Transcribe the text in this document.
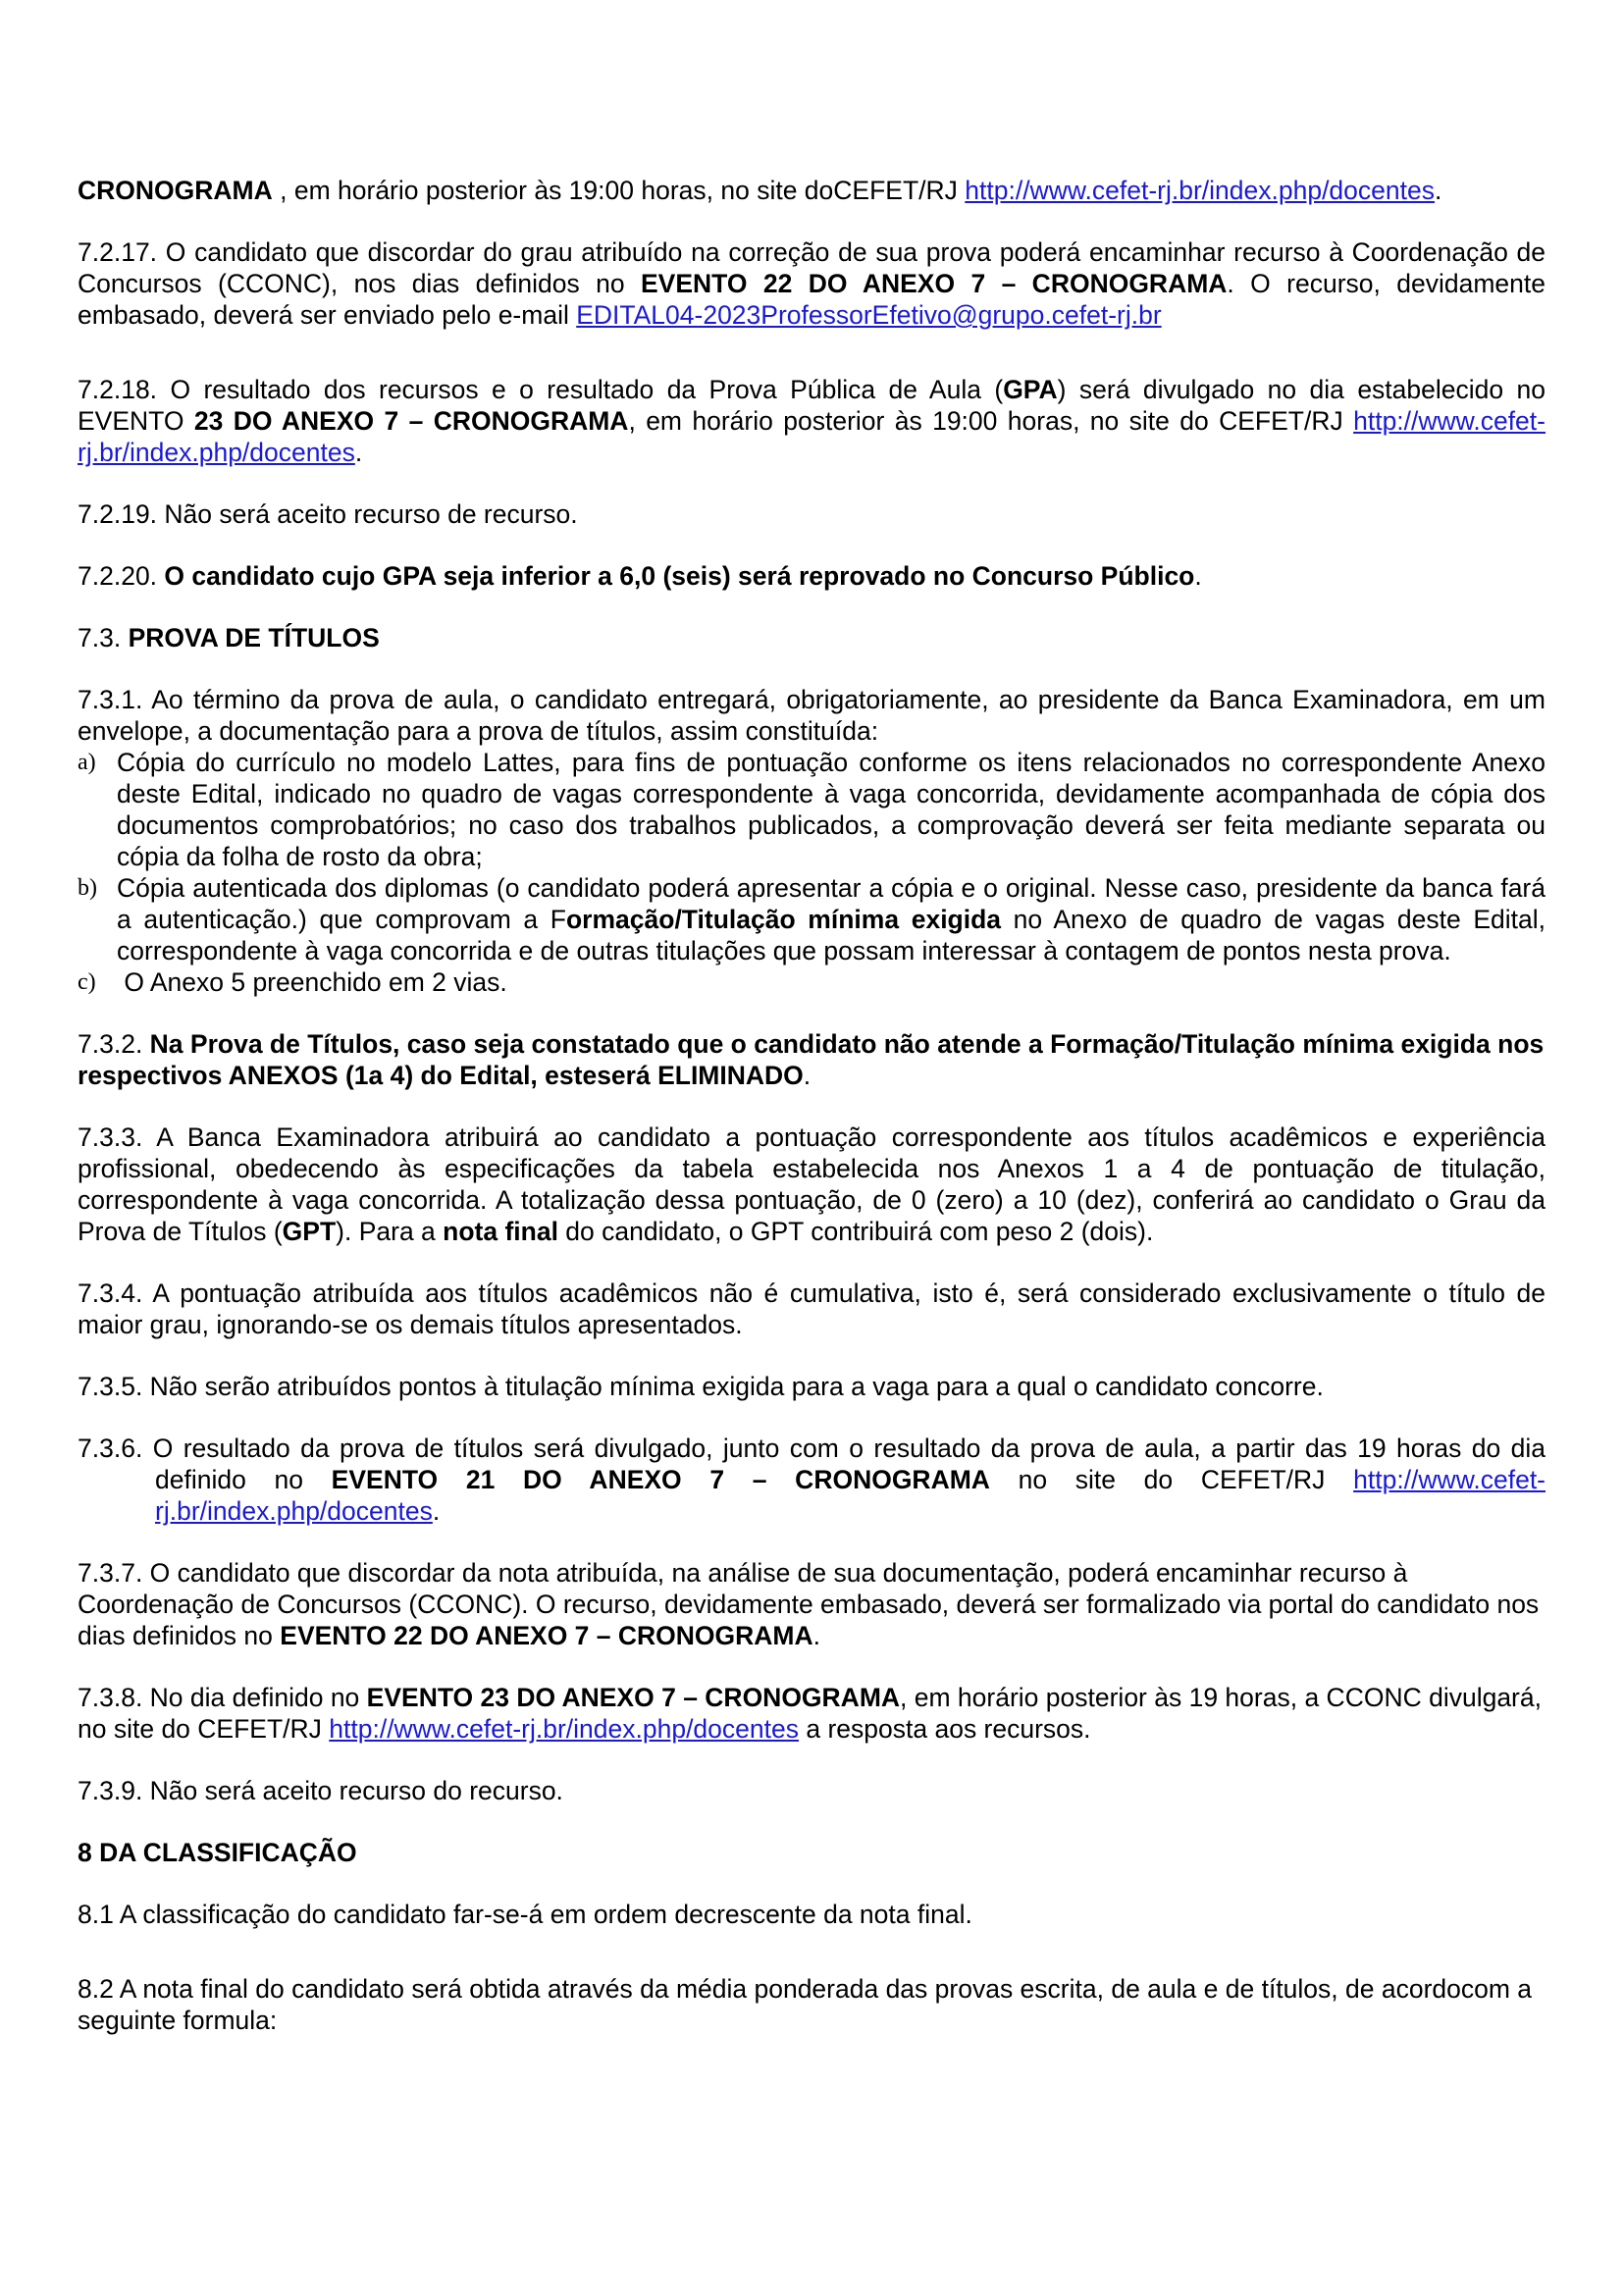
CRONOGRAMA , em horário posterior às 19:00 horas, no site doCEFET/RJ http://www.cefet-rj.br/index.php/docentes.

7.2.17. O candidato que discordar do grau atribuído na correção de sua prova poderá encaminhar recurso à Coordenação de Concursos (CCONC), nos dias definidos no EVENTO 22 DO ANEXO 7 – CRONOGRAMA. O recurso, devidamente embasado, deverá ser enviado pelo e-mail EDITAL04-2023ProfessorEfetivo@grupo.cefet-rj.br

7.2.18. O resultado dos recursos e o resultado da Prova Pública de Aula (GPA) será divulgado no dia estabelecido no EVENTO 23 DO ANEXO 7 – CRONOGRAMA, em horário posterior às 19:00 horas, no site do CEFET/RJ http://www.cefet-rj.br/index.php/docentes.

7.2.19. Não será aceito recurso de recurso.

7.2.20. O candidato cujo GPA seja inferior a 6,0 (seis) será reprovado no Concurso Público.

7.3. PROVA DE TÍTULOS

7.3.1. Ao término da prova de aula, o candidato entregará, obrigatoriamente, ao presidente da Banca Examinadora, em um envelope, a documentação para a prova de títulos, assim constituída:

a) Cópia do currículo no modelo Lattes, para fins de pontuação conforme os itens relacionados no correspondente Anexo deste Edital, indicado no quadro de vagas correspondente à vaga concorrida, devidamente acompanhada de cópia dos documentos comprobatórios; no caso dos trabalhos publicados, a comprovação deverá ser feita mediante separata ou cópia da folha de rosto da obra;
b) Cópia autenticada dos diplomas (o candidato poderá apresentar a cópia e o original. Nesse caso, presidente da banca fará a autenticação.) que comprovam a Formação/Titulação mínima exigida no Anexo de quadro de vagas deste Edital, correspondente à vaga concorrida e de outras titulações que possam interessar à contagem de pontos nesta prova.
c) O Anexo 5 preenchido em 2 vias.

7.3.2. Na Prova de Títulos, caso seja constatado que o candidato não atende a Formação/Titulação mínima exigida nos respectivos ANEXOS (1a 4) do Edital, esteserá ELIMINADO.

7.3.3. A Banca Examinadora atribuirá ao candidato a pontuação correspondente aos títulos acadêmicos e experiência profissional, obedecendo às especificações da tabela estabelecida nos Anexos 1 a 4 de pontuação de titulação, correspondente à vaga concorrida. A totalização dessa pontuação, de 0 (zero) a 10 (dez), conferirá ao candidato o Grau da Prova de Títulos (GPT). Para a nota final do candidato, o GPT contribuirá com peso 2 (dois).

7.3.4. A pontuação atribuída aos títulos acadêmicos não é cumulativa, isto é, será considerado exclusivamente o título de maior grau, ignorando-se os demais títulos apresentados.

7.3.5. Não serão atribuídos pontos à titulação mínima exigida para a vaga para a qual o candidato concorre.

7.3.6. O resultado da prova de títulos será divulgado, junto com o resultado da prova de aula, a partir das 19 horas do dia definido no EVENTO 21 DO ANEXO 7 – CRONOGRAMA no site do CEFET/RJ http://www.cefet-rj.br/index.php/docentes.

7.3.7. O candidato que discordar da nota atribuída, na análise de sua documentação, poderá encaminhar recurso à Coordenação de Concursos (CCONC). O recurso, devidamente embasado, deverá ser formalizado via portal do candidato nos dias definidos no EVENTO 22 DO ANEXO 7 – CRONOGRAMA.

7.3.8. No dia definido no EVENTO 23 DO ANEXO 7 – CRONOGRAMA, em horário posterior às 19 horas, a CCONC divulgará, no site do CEFET/RJ http://www.cefet-rj.br/index.php/docentes a resposta aos recursos.

7.3.9. Não será aceito recurso do recurso.

8 DA CLASSIFICAÇÃO

8.1 A classificação do candidato far-se-á em ordem decrescente da nota final.

8.2 A nota final do candidato será obtida através da média ponderada das provas escrita, de aula e de títulos, de acordocom a seguinte formula:
